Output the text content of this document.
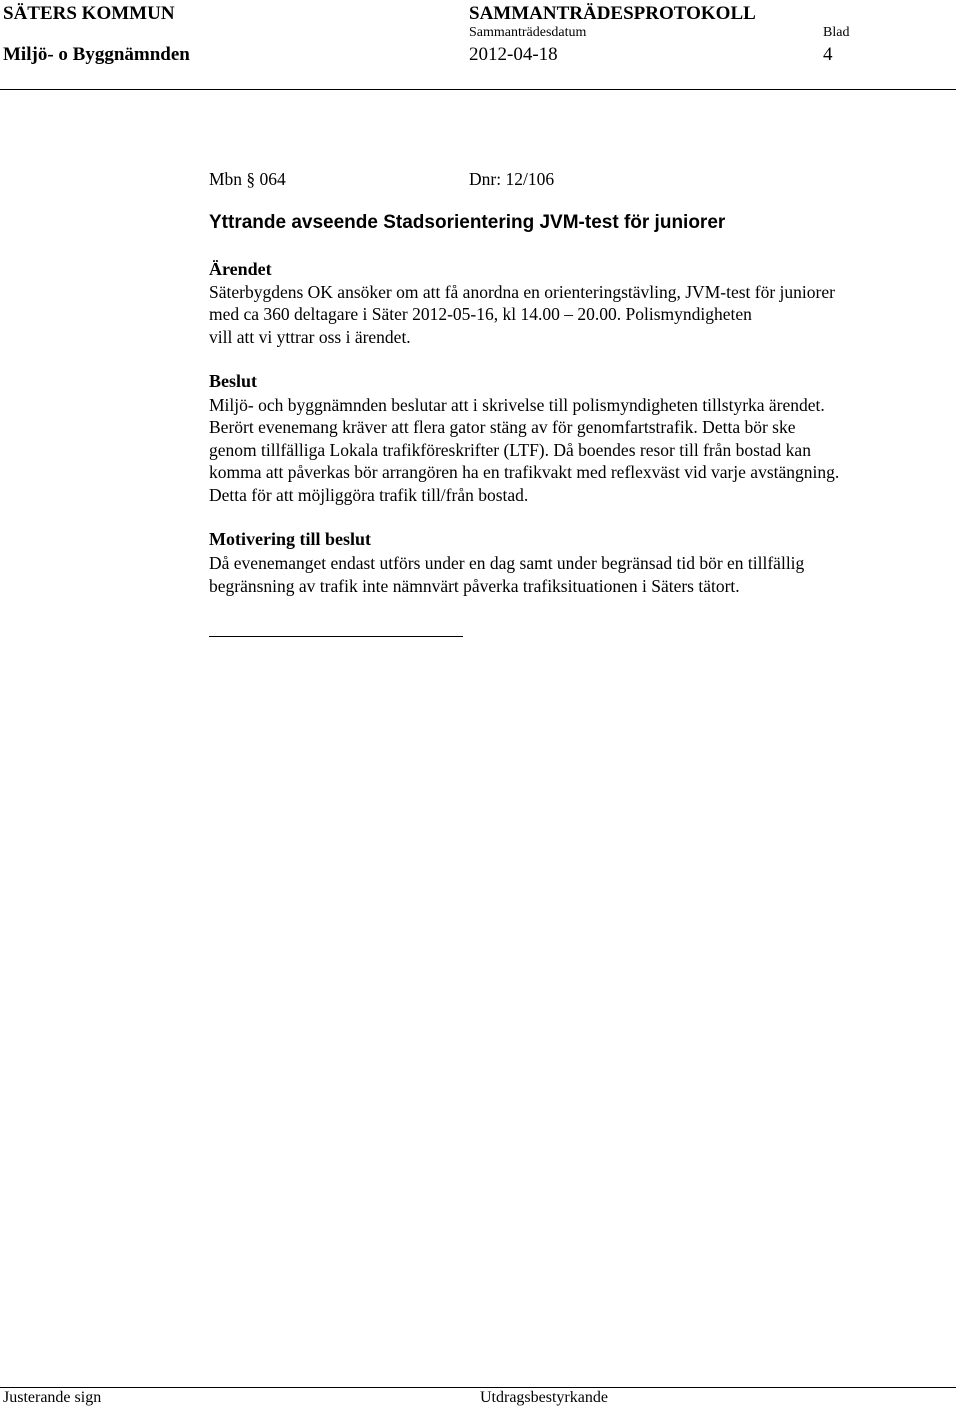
SÄTERS KOMMUN
Miljö- o Byggnämnden
SAMMANTRÄDESPROTOKOLL
Sammanträdesdatum
2012-04-18
Blad
4
Mbn § 064	Dnr: 12/106
Yttrande avseende Stadsorientering JVM-test för juniorer
Ärendet
Säterbygdens OK ansöker om att få anordna en orienteringstävling, JVM-test för juniorer
med ca 360 deltagare i Säter 2012-05-16, kl 14.00 – 20.00. Polismyndigheten
vill att vi yttrar oss i ärendet.
Beslut
Miljö- och byggnämnden beslutar att i skrivelse till polismyndigheten tillstyrka ärendet.
Berört evenemang kräver att flera gator stäng av för genomfartstrafik. Detta bör ske
genom tillfälliga Lokala trafikföreskrifter (LTF). Då boendes resor till från bostad kan
komma att påverkas bör arrangören ha en trafikvakt med reflexväst vid varje avstängning.
Detta för att möjliggöra trafik till/från bostad.
Motivering till beslut
Då evenemanget endast utförs under en dag samt under begränsad tid bör en tillfällig
begränsning av trafik inte nämnvärt påverka trafiksituationen i Säters tätort.
Justerande sign	Utdragsbestyrkande
